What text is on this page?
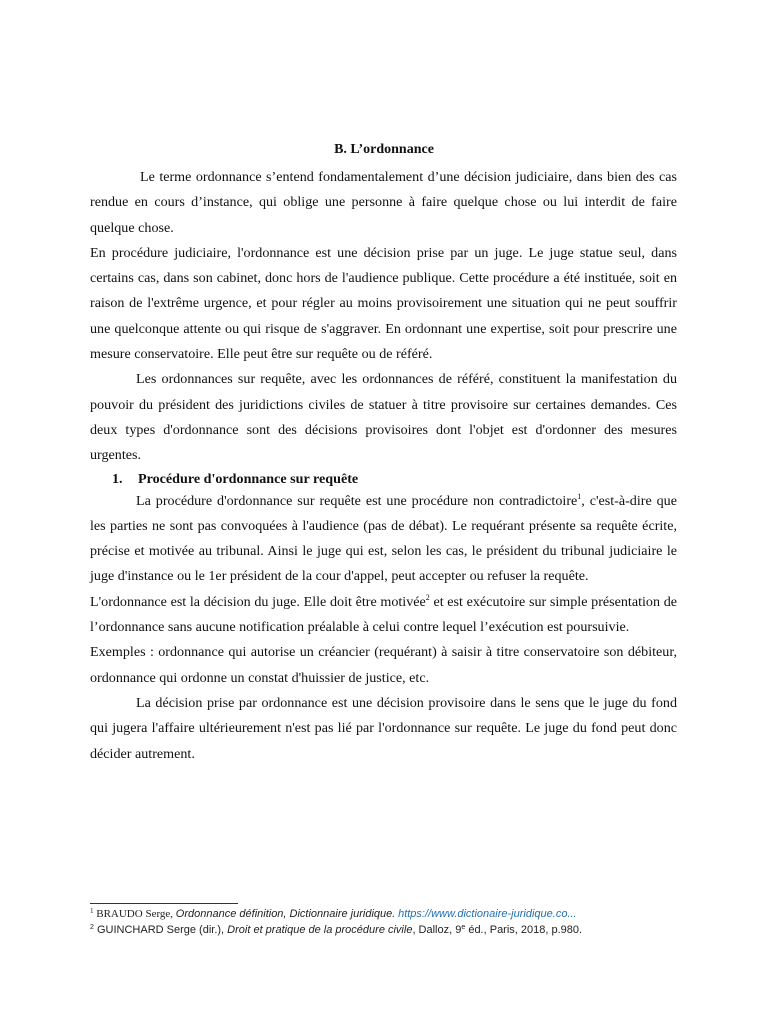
B. L’ordonnance

Le terme ordonnance s’entend fondamentalement d’une décision judiciaire, dans bien des cas rendue en cours d’instance, qui oblige une personne à faire quelque chose ou lui interdit de faire quelque chose.

En procédure judiciaire, l'ordonnance est une décision prise par un juge. Le juge statue seul, dans certains cas, dans son cabinet, donc hors de l'audience publique. Cette procédure a été instituée, soit en raison de l'extrême urgence, et pour régler au moins provisoirement une situation qui ne peut souffrir une quelconque attente ou qui risque de s'aggraver. En ordonnant une expertise, soit pour prescrire une mesure conservatoire. Elle peut être sur requête ou de référé.

Les ordonnances sur requête, avec les ordonnances de référé, constituent la manifestation du pouvoir du président des juridictions civiles de statuer à titre provisoire sur certaines demandes. Ces deux types d'ordonnance sont des décisions provisoires dont l'objet est d'ordonner des mesures urgentes.

1. Procédure d'ordonnance sur requête

La procédure d'ordonnance sur requête est une procédure non contradictoire$^1$, c'est-à-dire que les parties ne sont pas convoquées à l'audience (pas de débat). Le requérant présente sa requête écrite, précise et motivée au tribunal. Ainsi le juge qui est, selon les cas, le président du tribunal judiciaire le juge d'instance ou le 1er président de la cour d'appel, peut accepter ou refuser la requête.

L'ordonnance est la décision du juge. Elle doit être motivée$^2$ et est exécutoire sur simple présentation de l’ordonnance sans aucune notification préalable à celui contre lequel l’exécution est poursuivie.

Exemples : ordonnance qui autorise un créancier (requérant) à saisir à titre conservatoire son débiteur, ordonnance qui ordonne un constat d'huissier de justice, etc.

La décision prise par ordonnance est une décision provisoire dans le sens que le juge du fond qui jugera l'affaire ultérieurement n'est pas lié par l'ordonnance sur requête. Le juge du fond peut donc décider autrement.

$^1$ BRAUDO Serge, Ordonnance définition, Dictionnaire juridique. https://www.dictionaire-juridique.co...
$^2$ GUINCHARD Serge (dir.), Droit et pratique de la procédure civile, Dalloz, 9e éd., Paris, 2018, p.980.
